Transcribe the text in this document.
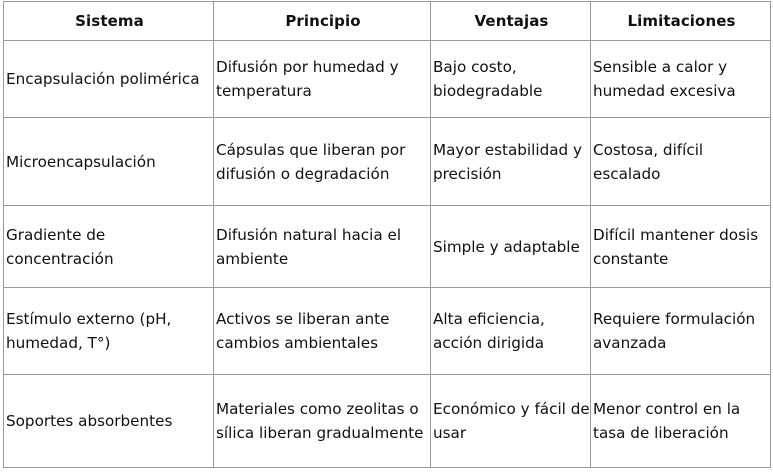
Sistema	Principio	Ventajas	Limitaciones
Encapsulación polimérica	Difusión por humedad y temperatura	Bajo costo, biodegradable	Sensible a calor y humedad excesiva
Microencapsulación	Cápsulas que liberan por difusión o degradación	Mayor estabilidad y precisión	Costosa, difícil escalado
Gradiente de concentración	Difusión natural hacia el ambiente	Simple y adaptable	Difícil mantener dosis constante
Estímulo externo (pH, humedad, T°)	Activos se liberan ante cambios ambientales	Alta eficiencia, acción dirigida	Requiere formulación avanzada
Soportes absorbentes	Materiales como zeolitas o sílica liberan gradualmente	Económico y fácil de usar	Menor control en la tasa de liberación
